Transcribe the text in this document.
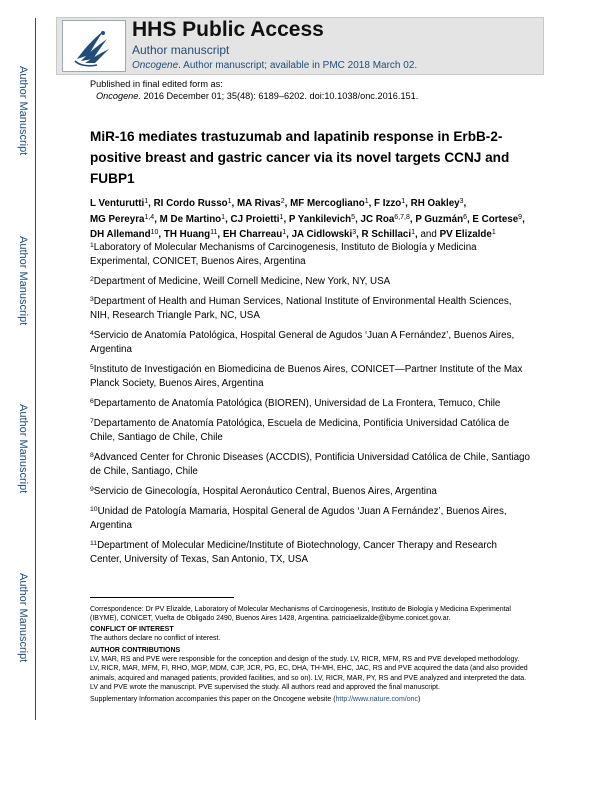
Author Manuscript
Author Manuscript
Author Manuscript
Author Manuscript
HHS Public Access
Author manuscript
Oncogene. Author manuscript; available in PMC 2018 March 02.
Published in final edited form as:
Oncogene. 2016 December 01; 35(48): 6189–6202. doi:10.1038/onc.2016.151.
MiR-16 mediates trastuzumab and lapatinib response in ErbB-2-positive breast and gastric cancer via its novel targets CCNJ and FUBP1
L Venturutti$^1$, RI Cordo Russo$^1$, MA Rivas$^2$, MF Mercogliano$^1$, F Izzo$^1$, RH Oakley$^3$, MG Pereyra$^{1,4}$, M De Martino$^1$, CJ Proietti$^1$, P Yankilevich$^5$, JC Roa$^{6,7,8}$, P Guzmán$^6$, E Cortese$^9$, DH Allemand$^{10}$, TH Huang$^{11}$, EH Charreau$^1$, JA Cidlowski$^3$, R Schillaci$^1$, and PV Elizalde$^1$
$^1$Laboratory of Molecular Mechanisms of Carcinogenesis, Instituto de Biología y Medicina Experimental, CONICET, Buenos Aires, Argentina
$^2$Department of Medicine, Weill Cornell Medicine, New York, NY, USA
$^3$Department of Health and Human Services, National Institute of Environmental Health Sciences, NIH, Research Triangle Park, NC, USA
$^4$Servicio de Anatomía Patológica, Hospital General de Agudos ‘Juan A Fernández’, Buenos Aires, Argentina
$^5$Instituto de Investigación en Biomedicina de Buenos Aires, CONICET—Partner Institute of the Max Planck Society, Buenos Aires, Argentina
$^6$Departamento de Anatomía Patológica (BIOREN), Universidad de La Frontera, Temuco, Chile
$^7$Departamento de Anatomía Patológica, Escuela de Medicina, Pontificia Universidad Católica de Chile, Santiago de Chile, Chile
$^8$Advanced Center for Chronic Diseases (ACCDIS), Pontificia Universidad Católica de Chile, Santiago de Chile, Santiago, Chile
$^9$Servicio de Ginecología, Hospital Aeronáutico Central, Buenos Aires, Argentina
$^{10}$Unidad de Patología Mamaria, Hospital General de Agudos ‘Juan A Fernández’, Buenos Aires, Argentina
$^{11}$Department of Molecular Medicine/Institute of Biotechnology, Cancer Therapy and Research Center, University of Texas, San Antonio, TX, USA

Correspondence: Dr PV Elizalde, Laboratory of Molecular Mechanisms of Carcinogenesis, Instituto de Biología y Medicina Experimental (IBYME), CONICET, Vuelta de Obligado 2490, Buenos Aires 1428, Argentina. patriciaelizalde@ibyme.conicet.gov.ar.

CONFLICT OF INTEREST

The authors declare no conflict of interest.

AUTHOR CONTRIBUTIONS

LV, MAR, RS and PVE were responsible for the conception and design of the study. LV, RICR, MFM, RS and PVE developed methodology. LV, RICR, MAR, MFM, FI, RHO, MGP, MDM, CJP, JCR, PG, EC, DHA, TH-MH, EHC, JAC, RS and PVE acquired the data (and also provided animals, acquired and managed patients, provided facilities, and so on). LV, RICR, MAR, PY, RS and PVE analyzed and interpreted the data. LV and PVE wrote the manuscript. PVE supervised the study. All authors read and approved the final manuscript.

Supplementary Information accompanies this paper on the Oncogene website (http://www.nature.com/onc)
